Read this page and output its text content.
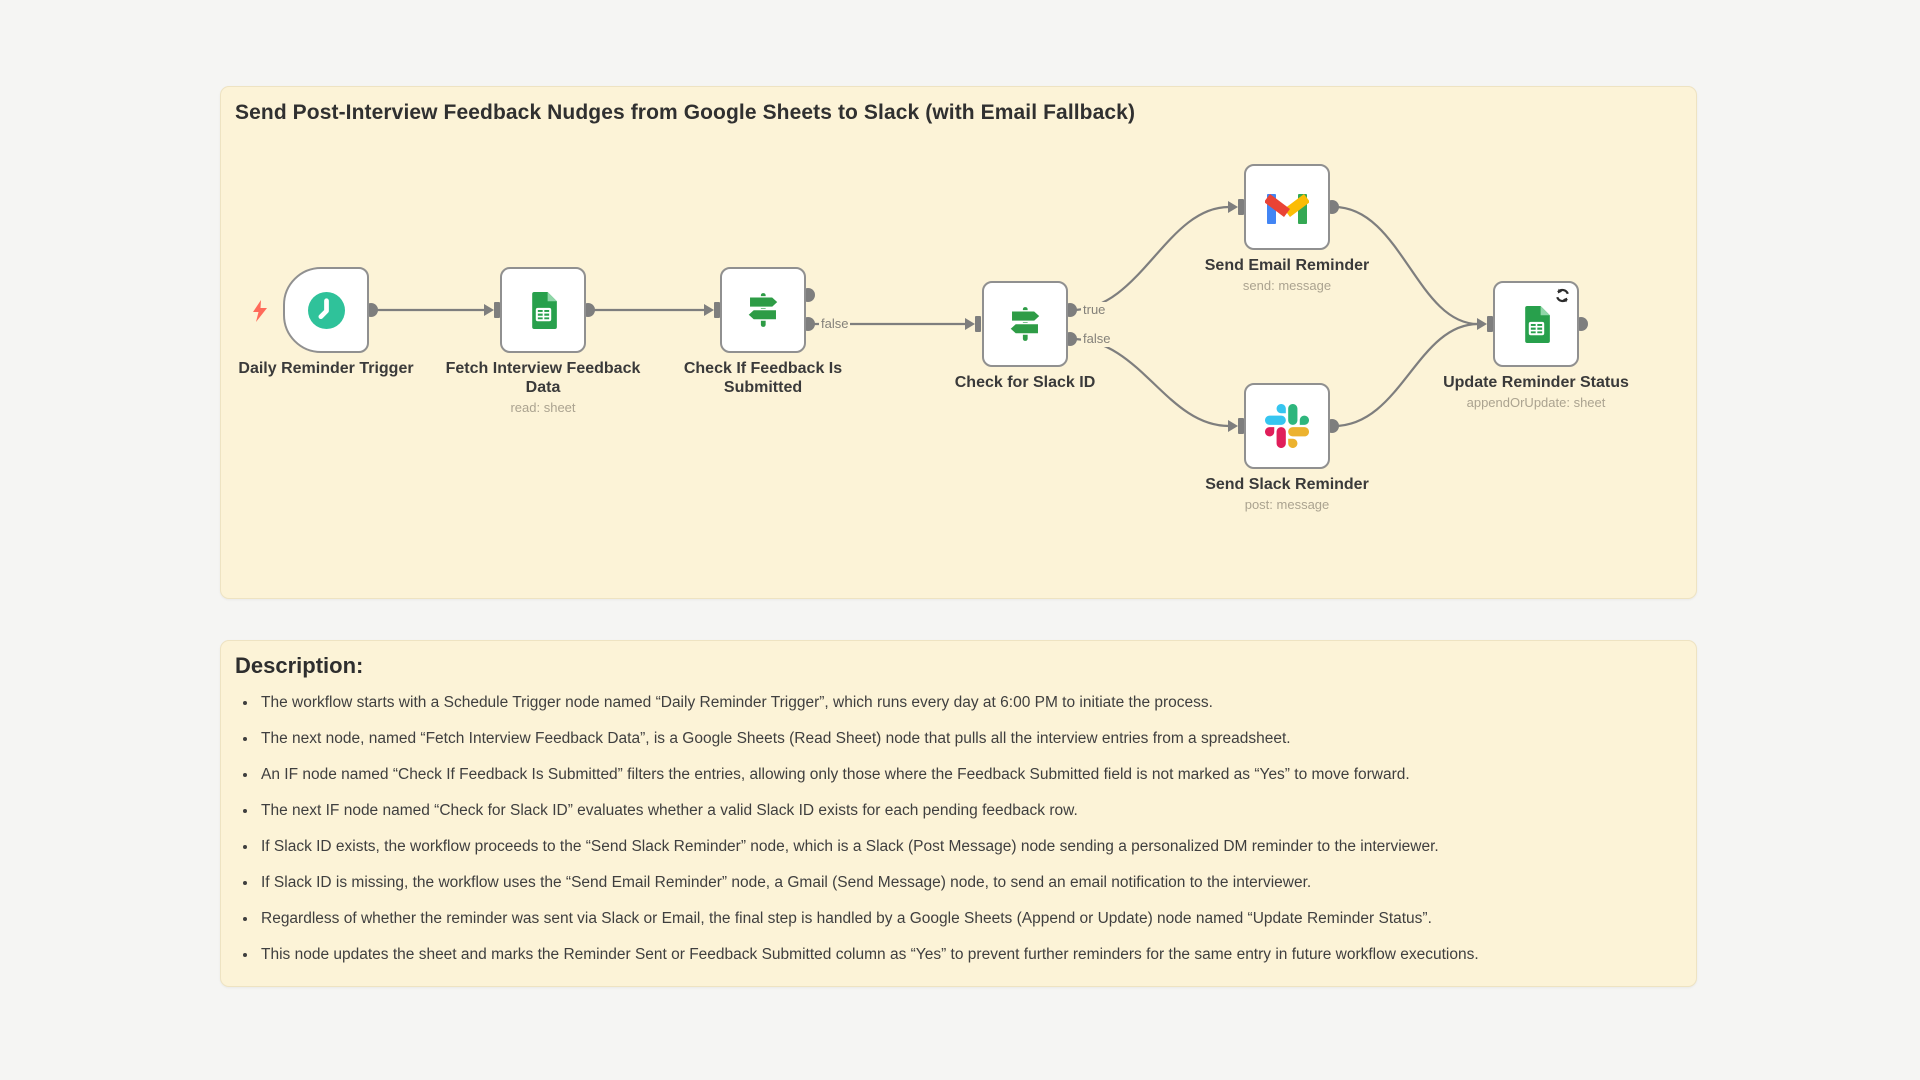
Send Post-Interview Feedback Nudges from Google Sheets to Slack (with Email Fallback)
false
true
false
Daily Reminder Trigger	Fetch Interview Feedback Data
read: sheet
Check If Feedback Is Submitted	Check for Slack ID
Send Email Reminder
send: message
Send Slack Reminder
post: message
Update Reminder Status
appendOrUpdate: sheet
Description:
• The workflow starts with a Schedule Trigger node named “Daily Reminder Trigger”, which runs every day at 6:00 PM to initiate the process.
• The next node, named “Fetch Interview Feedback Data”, is a Google Sheets (Read Sheet) node that pulls all the interview entries from a spreadsheet.
• An IF node named “Check If Feedback Is Submitted” filters the entries, allowing only those where the Feedback Submitted field is not marked as “Yes” to move forward.
• The next IF node named “Check for Slack ID” evaluates whether a valid Slack ID exists for each pending feedback row.
• If Slack ID exists, the workflow proceeds to the “Send Slack Reminder” node, which is a Slack (Post Message) node sending a personalized DM reminder to the interviewer.
• If Slack ID is missing, the workflow uses the “Send Email Reminder” node, a Gmail (Send Message) node, to send an email notification to the interviewer.
• Regardless of whether the reminder was sent via Slack or Email, the final step is handled by a Google Sheets (Append or Update) node named “Update Reminder Status”.
• This node updates the sheet and marks the Reminder Sent or Feedback Submitted column as “Yes” to prevent further reminders for the same entry in future workflow executions.
